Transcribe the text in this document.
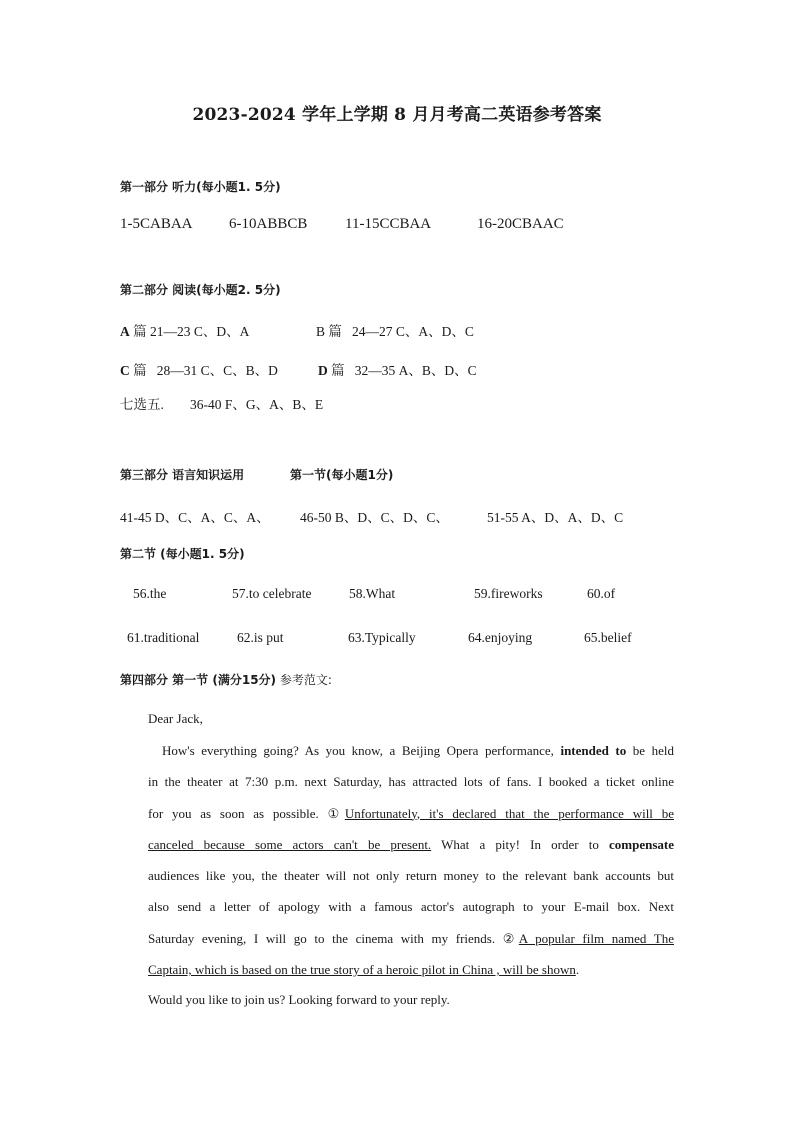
2023-2024 学年上学期 8 月月考高二英语参考答案
第一部分 听力(每小题1. 5分)
1-5CABAA 6-10ABBCB	11-15CCBAA	16-20CBAAC
第二部分 阅读(每小题2. 5分)
A 篇 21—23 C、D、A	B 篇 24—27 C、A、D、C
C 篇 28—31 C、C、B、D	D 篇 32—35 A、B、D、C
七选五. 36-40 F、G、A、B、E
第三部分 语言知识运用	第一节(每小题1分)
41-45 D、C、A、C、A、 46-50 B、D、C、D、C、	51-55 A、D、A、D、C
第二节 (每小题1. 5分)
56.the	57.to celebrate	58.What	59.fireworks	60.of
61.traditional	62.is put	63.Typically	64.enjoying	65.belief
第四部分 第一节 (满分15分) 参考范文:
Dear Jack,
How's everything going? As you know, a Beijing Opera performance, intended to be held
in the theater at 7:30 p.m. next Saturday, has attracted lots of fans. I booked a ticket online
for you as soon as possible. ①Unfortunately, it's declared that the performance will be
canceled because some actors can't be present. What a pity! In order to compensate
audiences like you, the theater will not only return money to the relevant bank accounts but
also send a letter of apology with a famous actor's autograph to your E-mail box. Next
Saturday evening, I will go to the cinema with my friends. ②A popular film named The
Captain, which is based on the true story of a heroic pilot in China , will be shown.
Would you like to join us? Looking forward to your reply.
